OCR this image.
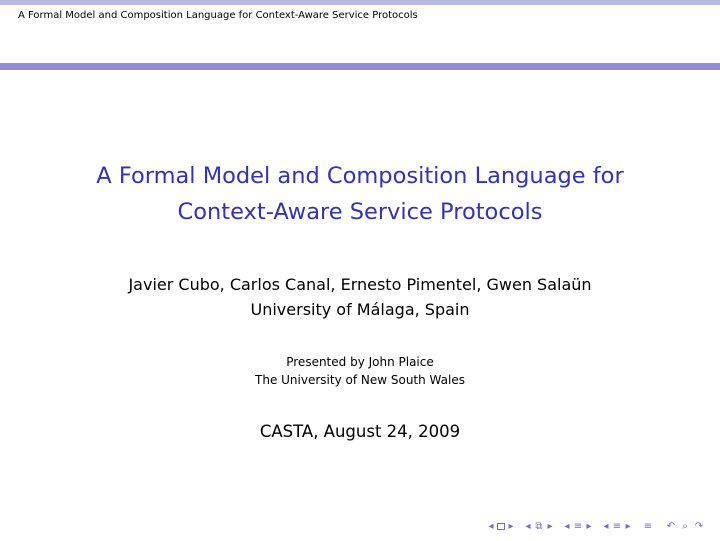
A Formal Model and Composition Language for Context-Aware Service Protocols
A Formal Model and Composition Language for
Context-Aware Service Protocols
Javier Cubo, Carlos Canal, Ernesto Pimentel, Gwen Salaün
University of Málaga, Spain
Presented by John Plaice
The University of New South Wales
CASTA, August 24, 2009
◂ ▸ ◂ ⧉ ▸ ◂ ≡ ▸ ◂ ≡ ▸ ≡ ↶ ⌕ ↷
